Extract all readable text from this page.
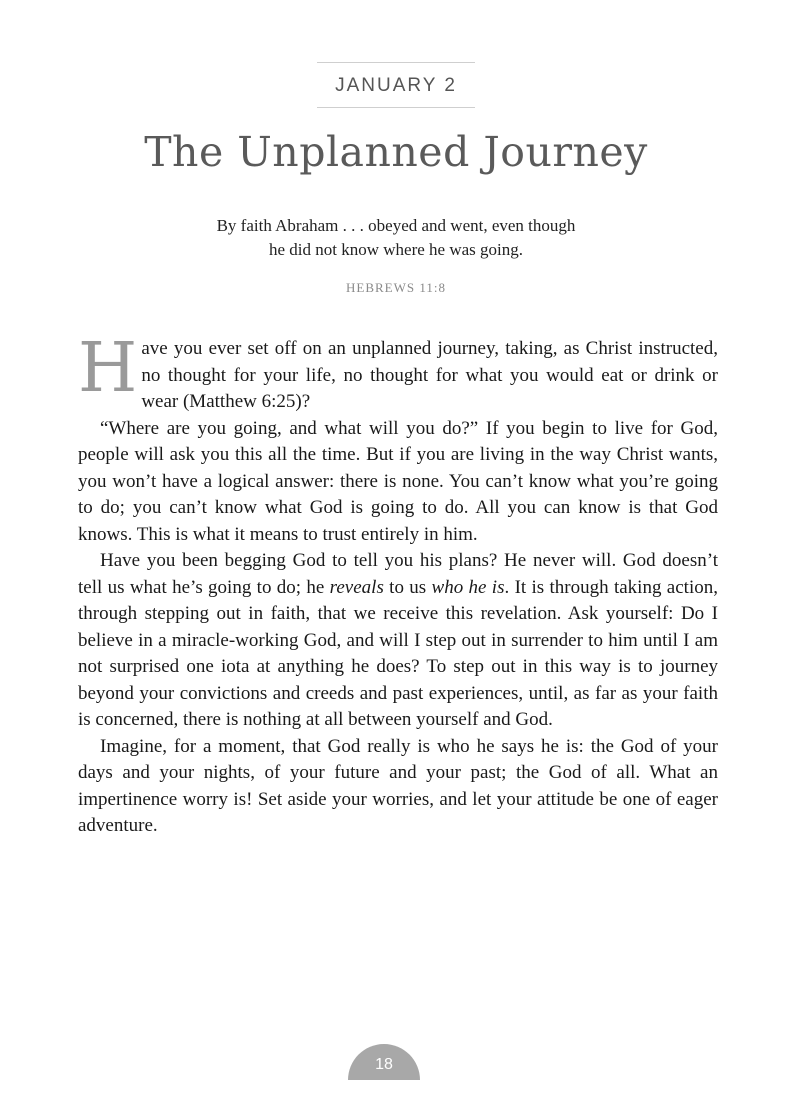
JANUARY 2
The Unplanned Journey
By faith Abraham . . . obeyed and went, even though
he did not know where he was going.
HEBREWS 11:8

Have you ever set off on an unplanned journey, taking, as Christ instructed, no thought for your life, no thought for what you would eat or drink or wear (Matthew 6:25)?

“Where are you going, and what will you do?” If you begin to live for God, people will ask you this all the time. But if you are living in the way Christ wants, you won’t have a logical answer: there is none. You can’t know what you’re going to do; you can’t know what God is going to do. All you can know is that God knows. This is what it means to trust entirely in him.

Have you been begging God to tell you his plans? He never will. God doesn’t tell us what he’s going to do; he reveals to us who he is. It is through taking action, through stepping out in faith, that we receive this revelation. Ask yourself: Do I believe in a miracle-working God, and will I step out in surrender to him until I am not surprised one iota at anything he does? To step out in this way is to journey beyond your convictions and creeds and past experiences, until, as far as your faith is concerned, there is nothing at all between yourself and God.

Imagine, for a moment, that God really is who he says he is: the God of your days and your nights, of your future and your past; the God of all. What an impertinence worry is! Set aside your worries, and let your attitude be one of eager adventure.

18
